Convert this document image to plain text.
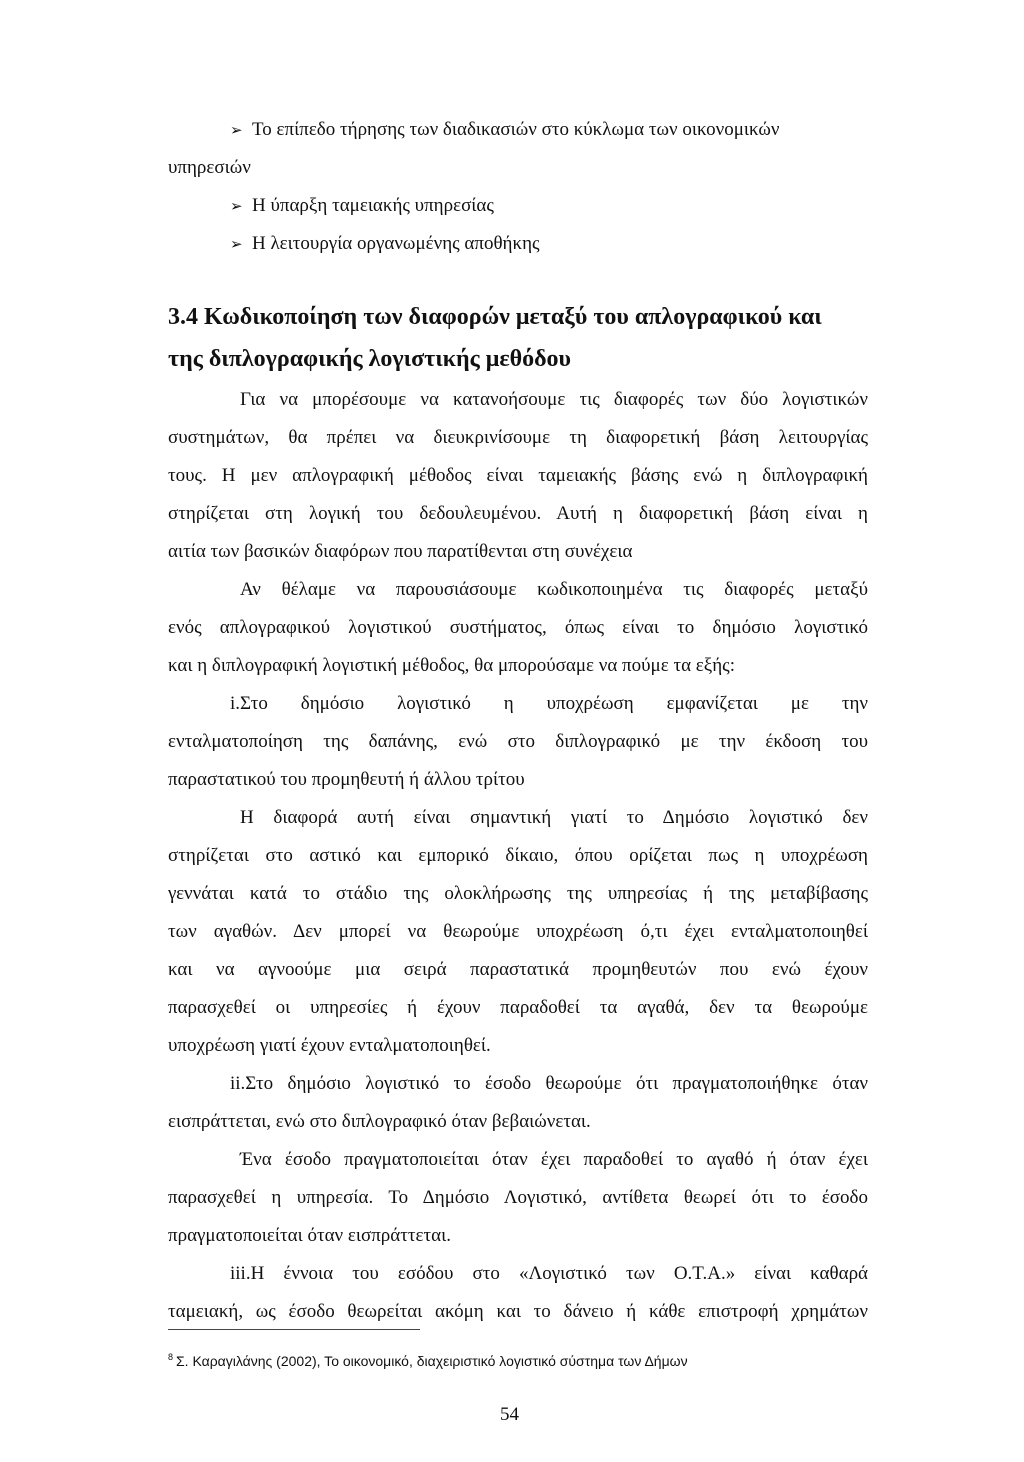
➢ Το επίπεδο τήρησης των διαδικασιών στο κύκλωμα των οικονομικών
υπηρεσιών
➢ Η ύπαρξη ταμειακής υπηρεσίας
➢ Η λειτουργία οργανωμένης αποθήκης
3.4 Κωδικοποίηση των διαφορών μεταξύ του απλογραφικού και
της διπλογραφικής λογιστικής μεθόδου
Για να μπορέσουμε να κατανοήσουμε τις διαφορές των δύο λογιστικών
συστημάτων, θα πρέπει να διευκρινίσουμε τη διαφορετική βάση λειτουργίας
τους. Η μεν απλογραφική μέθοδος είναι ταμειακής βάσης ενώ η διπλογραφική
στηρίζεται στη λογική του δεδουλευμένου. Αυτή η διαφορετική βάση είναι η
αιτία των βασικών διαφόρων που παρατίθενται στη συνέχεια
Αν θέλαμε να παρουσιάσουμε κωδικοποιημένα τις διαφορές μεταξύ
ενός απλογραφικού λογιστικού συστήματος, όπως είναι το δημόσιο λογιστικό
και η διπλογραφική λογιστική μέθοδος, θα μπορούσαμε να πούμε τα εξής:
i.Στο δημόσιο λογιστικό η υποχρέωση εμφανίζεται με την
ενταλματοποίηση της δαπάνης, ενώ στο διπλογραφικό με την έκδοση του
παραστατικού του προμηθευτή ή άλλου τρίτου
Η διαφορά αυτή είναι σημαντική γιατί το Δημόσιο λογιστικό δεν
στηρίζεται στο αστικό και εμπορικό δίκαιο, όπου ορίζεται πως η υποχρέωση
γεννάται κατά το στάδιο της ολοκλήρωσης της υπηρεσίας ή της μεταβίβασης
των αγαθών. Δεν μπορεί να θεωρούμε υποχρέωση ό,τι έχει ενταλματοποιηθεί
και να αγνοούμε μια σειρά παραστατικά προμηθευτών που ενώ έχουν
παρασχεθεί οι υπηρεσίες ή έχουν παραδοθεί τα αγαθά, δεν τα θεωρούμε
υποχρέωση γιατί έχουν ενταλματοποιηθεί.
ii.Στο δημόσιο λογιστικό το έσοδο θεωρούμε ότι πραγματοποιήθηκε όταν
εισπράττεται, ενώ στο διπλογραφικό όταν βεβαιώνεται.
Ένα έσοδο πραγματοποιείται όταν έχει παραδοθεί το αγαθό ή όταν έχει
παρασχεθεί η υπηρεσία. Το Δημόσιο Λογιστικό, αντίθετα θεωρεί ότι το έσοδο
πραγματοποιείται όταν εισπράττεται.
iii.Η έννοια του εσόδου στο «Λογιστικό των Ο.Τ.Α.» είναι καθαρά
ταμειακή, ως έσοδο θεωρείται ακόμη και το δάνειο ή κάθε επιστροφή χρημάτων
$^8$ Σ. Καραγιλάνης (2002), Το οικονομικό, διαχειριστικό λογιστικό σύστημα των Δήμων
54
